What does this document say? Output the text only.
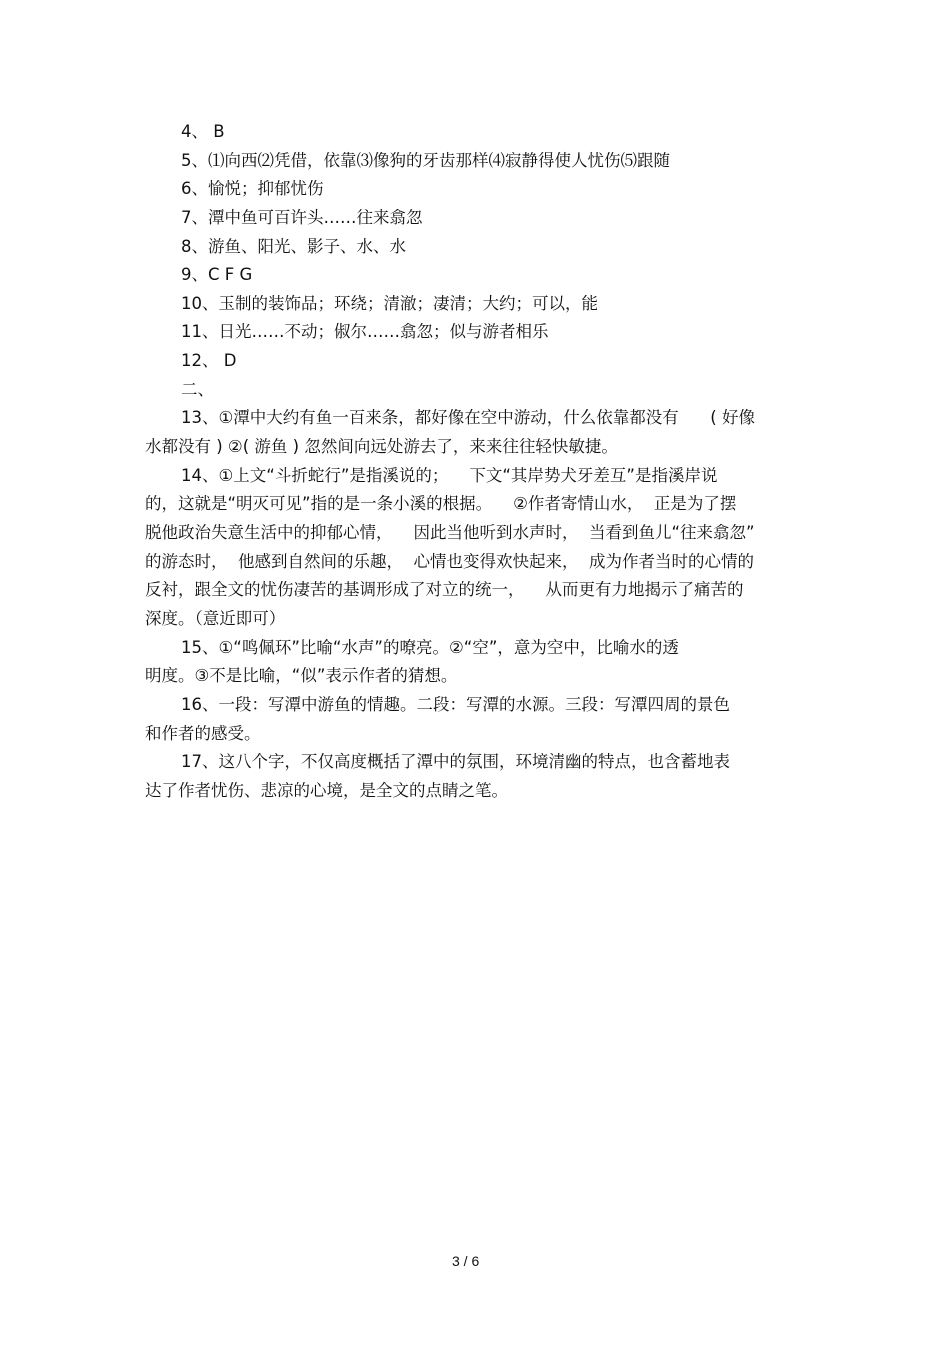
4、 B
5、⑴向西⑵凭借，依靠⑶像狗的牙齿那样⑷寂静得使人忧伤⑸跟随
6、愉悦；抑郁忧伤
7、潭中鱼可百许头……往来翕忽
8、游鱼、阳光、影子、水、水
9、C F G
10、玉制的装饰品；环绕；清澈；凄清；大约；可以，能
11、日光……不动；俶尔……翕忽；似与游者相乐
12、 D
二、
13、①潭中大约有鱼一百来条，都好像在空中游动，什么依靠都没有      ( 好像
水都没有 ) ②( 游鱼 ) 忽然间向远处游去了，来来往往轻快敏捷。
14、①上文“斗折蛇行”是指溪说的；    下文“其岸势犬牙差互”是指溪岸说
的，这就是“明灭可见”指的是一条小溪的根据。    ②作者寄情山水，  正是为了摆
脱他政治失意生活中的抑郁心情，    因此当他听到水声时，  当看到鱼儿“往来翕忽”
的游态时，  他感到自然间的乐趣，  心情也变得欢快起来，  成为作者当时的心情的
反衬，跟全文的忧伤凄苦的基调形成了对立的统一，    从而更有力地揭示了痛苦的
深度。（意近即可）
15、①“鸣佩环”比喻“水声”的嘹亮。②“空”，意为空中，比喻水的透
明度。③不是比喻，“似”表示作者的猜想。
16、一段：写潭中游鱼的情趣。二段：写潭的水源。三段：写潭四周的景色
和作者的感受。
17、这八个字，不仅高度概括了潭中的氛围，环境清幽的特点，也含蓄地表
达了作者忧伤、悲凉的心境，是全文的点睛之笔。
3 / 6
